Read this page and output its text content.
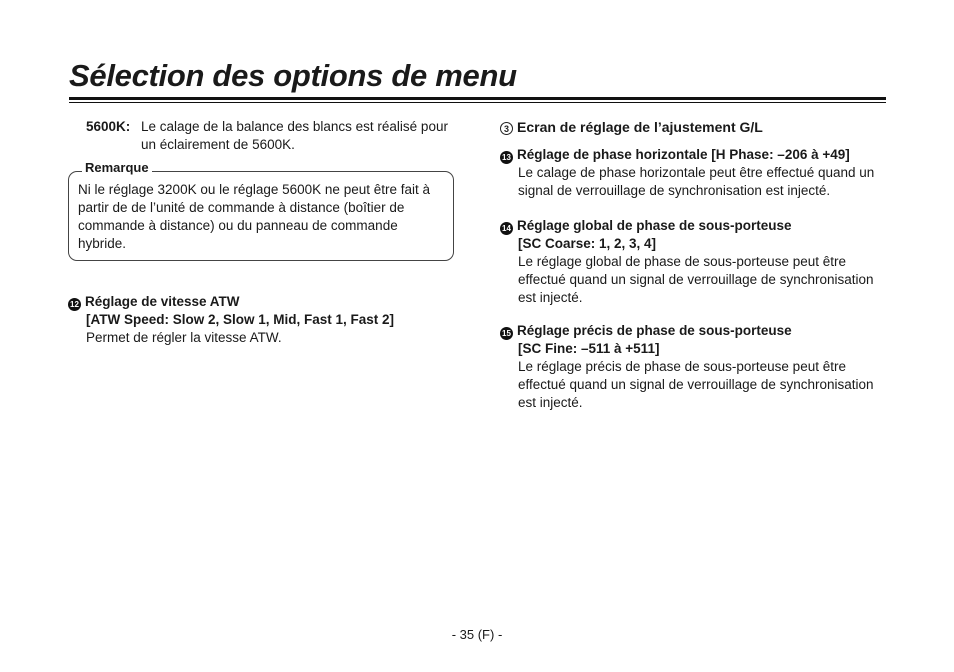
Sélection des options de menu
5600K: Le calage de la balance des blancs est réalisé pour un éclairement de 5600K.
Remarque
Ni le réglage 3200K ou le réglage 5600K ne peut être fait à partir de de l’unité de commande à distance (boîtier de commande à distance) ou du panneau de commande hybride.
12 Réglage de vitesse ATW
[ATW Speed: Slow 2, Slow 1, Mid, Fast 1, Fast 2]
Permet de régler la vitesse ATW.
3 Ecran de réglage de l’ajustement G/L
13 Réglage de phase horizontale [H Phase: –206 à +49]
Le calage de phase horizontale peut être effectué quand un signal de verrouillage de synchronisation est injecté.
14 Réglage global de phase de sous-porteuse
[SC Coarse: 1, 2, 3, 4]
Le réglage global de phase de sous-porteuse peut être effectué quand un signal de verrouillage de synchronisation est injecté.
15 Réglage précis de phase de sous-porteuse
[SC Fine: –511 à +511]
Le réglage précis de phase de sous-porteuse peut être effectué quand un signal de verrouillage de synchronisation est injecté.
- 35 (F) -
